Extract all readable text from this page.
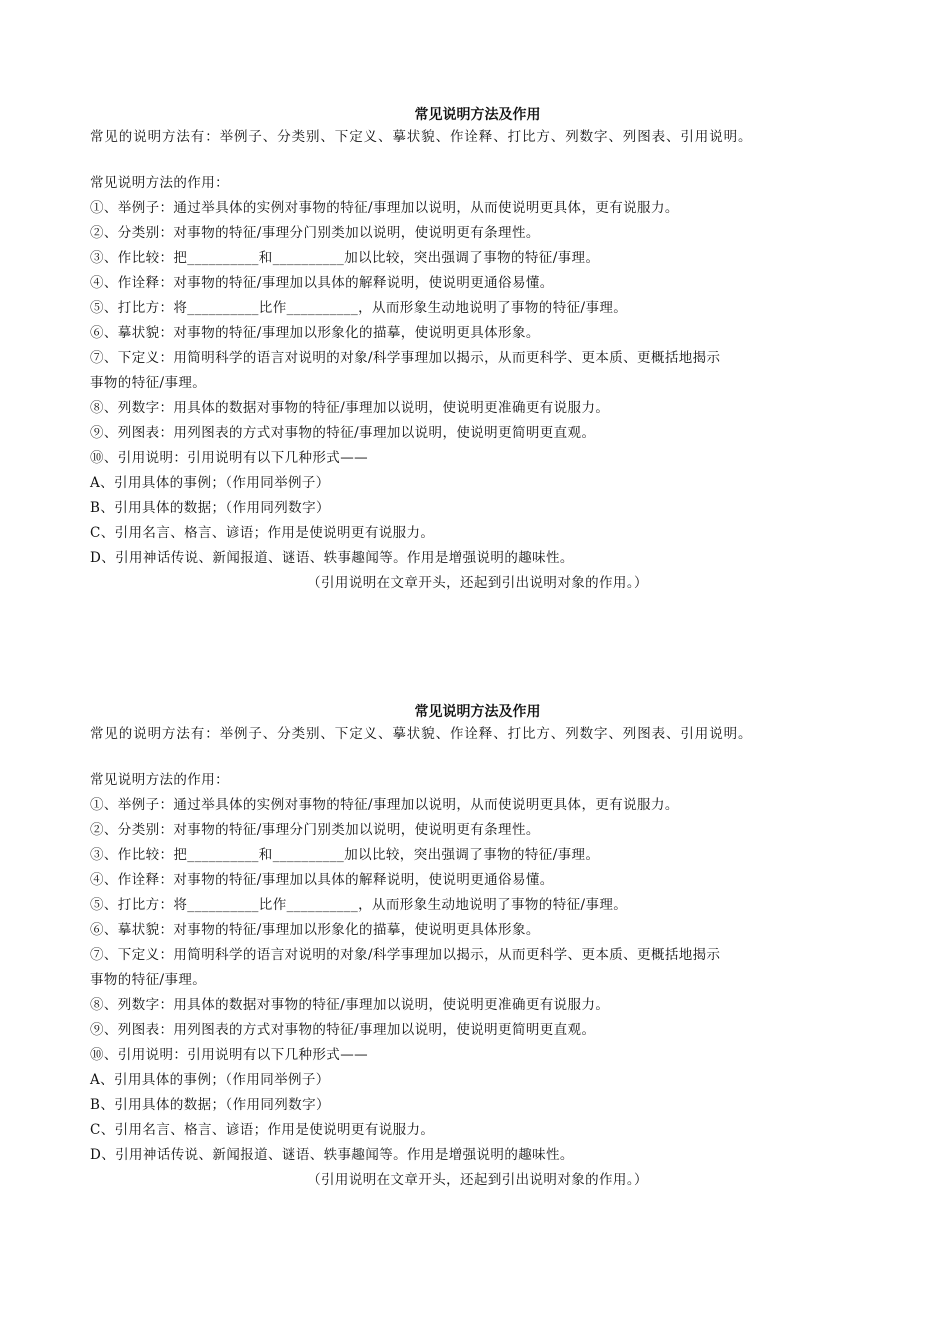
常见说明方法及作用
常见的说明方法有：举例子、分类别、下定义、摹状貌、作诠释、打比方、列数字、列图表、引用说明。
常见说明方法的作用：
①、举例子：通过举具体的实例对事物的特征/事理加以说明，从而使说明更具体，更有说服力。
②、分类别：对事物的特征/事理分门别类加以说明，使说明更有条理性。
③、作比较：把__________和__________加以比较，突出强调了事物的特征/事理。
④、作诠释：对事物的特征/事理加以具体的解释说明，使说明更通俗易懂。
⑤、打比方：将__________比作__________，从而形象生动地说明了事物的特征/事理。
⑥、摹状貌：对事物的特征/事理加以形象化的描摹，使说明更具体形象。
⑦、下定义：用简明科学的语言对说明的对象/科学事理加以揭示，从而更科学、更本质、更概括地揭示
事物的特征/事理。
⑧、列数字：用具体的数据对事物的特征/事理加以说明，使说明更准确更有说服力。
⑨、列图表：用列图表的方式对事物的特征/事理加以说明，使说明更简明更直观。
⑩、引用说明：引用说明有以下几种形式——
A、引用具体的事例；（作用同举例子）
B、引用具体的数据；（作用同列数字）
C、引用名言、格言、谚语；作用是使说明更有说服力。
D、引用神话传说、新闻报道、谜语、轶事趣闻等。作用是增强说明的趣味性。
（引用说明在文章开头，还起到引出说明对象的作用。）
常见说明方法及作用
常见的说明方法有：举例子、分类别、下定义、摹状貌、作诠释、打比方、列数字、列图表、引用说明。
常见说明方法的作用：
①、举例子：通过举具体的实例对事物的特征/事理加以说明，从而使说明更具体，更有说服力。
②、分类别：对事物的特征/事理分门别类加以说明，使说明更有条理性。
③、作比较：把__________和__________加以比较，突出强调了事物的特征/事理。
④、作诠释：对事物的特征/事理加以具体的解释说明，使说明更通俗易懂。
⑤、打比方：将__________比作__________，从而形象生动地说明了事物的特征/事理。
⑥、摹状貌：对事物的特征/事理加以形象化的描摹，使说明更具体形象。
⑦、下定义：用简明科学的语言对说明的对象/科学事理加以揭示，从而更科学、更本质、更概括地揭示
事物的特征/事理。
⑧、列数字：用具体的数据对事物的特征/事理加以说明，使说明更准确更有说服力。
⑨、列图表：用列图表的方式对事物的特征/事理加以说明，使说明更简明更直观。
⑩、引用说明：引用说明有以下几种形式——
A、引用具体的事例；（作用同举例子）
B、引用具体的数据；（作用同列数字）
C、引用名言、格言、谚语；作用是使说明更有说服力。
D、引用神话传说、新闻报道、谜语、轶事趣闻等。作用是增强说明的趣味性。
（引用说明在文章开头，还起到引出说明对象的作用。）
